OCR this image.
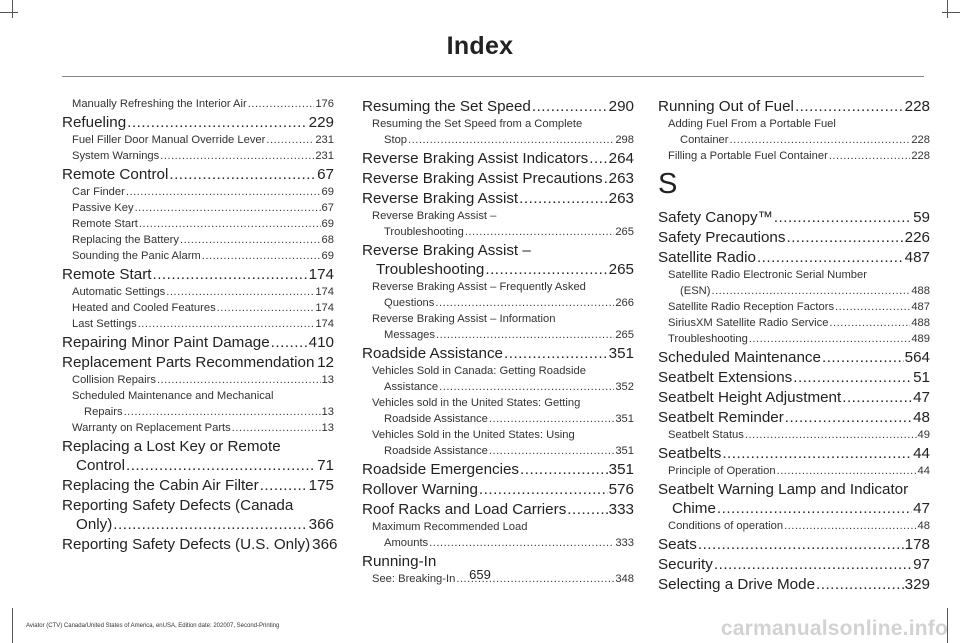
Index
Manually Refreshing the Interior Air .....	176
Refueling .....	229
Fuel Filler Door Manual Override Lever .....	231
System Warnings .....	231
Remote Control .....	67
Car Finder .....	69
Passive Key .....	67
Remote Start .....	69
Replacing the Battery .....	68
Sounding the Panic Alarm .....	69
Remote Start .....	174
Automatic Settings .....	174
Heated and Cooled Features .....	174
Last Settings .....	174
Repairing Minor Paint Damage .....	410
Replacement Parts Recommendation ..... 12
Collision Repairs .....	13
Scheduled Maintenance and Mechanical
Repairs .....	13
Warranty on Replacement Parts .....	13
Replacing a Lost Key or Remote
Control .....	71
Replacing the Cabin Air Filter .....	175
Reporting Safety Defects (Canada
Only) .....	366
Reporting Safety Defects (U.S. Only) 366
Resuming the Set Speed .....	290
Resuming the Set Speed from a Complete
Stop .....	298
Reverse Braking Assist Indicators ..... 264
Reverse Braking Assist Precautions ..... 263
Reverse Braking Assist .....	263
Reverse Braking Assist –
Troubleshooting .....	265
Reverse Braking Assist –
Troubleshooting .....	265
Reverse Braking Assist – Frequently Asked
Questions .....	266
Reverse Braking Assist – Information
Messages .....	265
Roadside Assistance .....	351
Vehicles Sold in Canada: Getting Roadside
Assistance .....	352
Vehicles sold in the United States: Getting
Roadside Assistance .....	351
Vehicles Sold in the United States: Using
Roadside Assistance .....	351
Roadside Emergencies .....	351
Rollover Warning .....	576
Roof Racks and Load Carriers .....	333
Maximum Recommended Load
Amounts .....	333
Running-In
See: Breaking-In .....	348
Running Out of Fuel .....	228
Adding Fuel From a Portable Fuel
Container .....	228
Filling a Portable Fuel Container .....	228
S
Safety Canopy™ .....	59
Safety Precautions .....	226
Satellite Radio .....	487
Satellite Radio Electronic Serial Number
(ESN) .....	488
Satellite Radio Reception Factors .....	487
SiriusXM Satellite Radio Service .....	488
Troubleshooting .....	489
Scheduled Maintenance .....	564
Seatbelt Extensions .....	51
Seatbelt Height Adjustment .....	47
Seatbelt Reminder .....	48
Seatbelt Status .....	49
Seatbelts .....	44
Principle of Operation .....	44
Seatbelt Warning Lamp and Indicator
Chime .....	47
Conditions of operation .....	48
Seats .....	178
Security .....	97
Selecting a Drive Mode .....	329
659
Aviator (CTV) Canada/United States of America, enUSA, Edition date: 202007, Second-Printing	carmanualsonline.info
